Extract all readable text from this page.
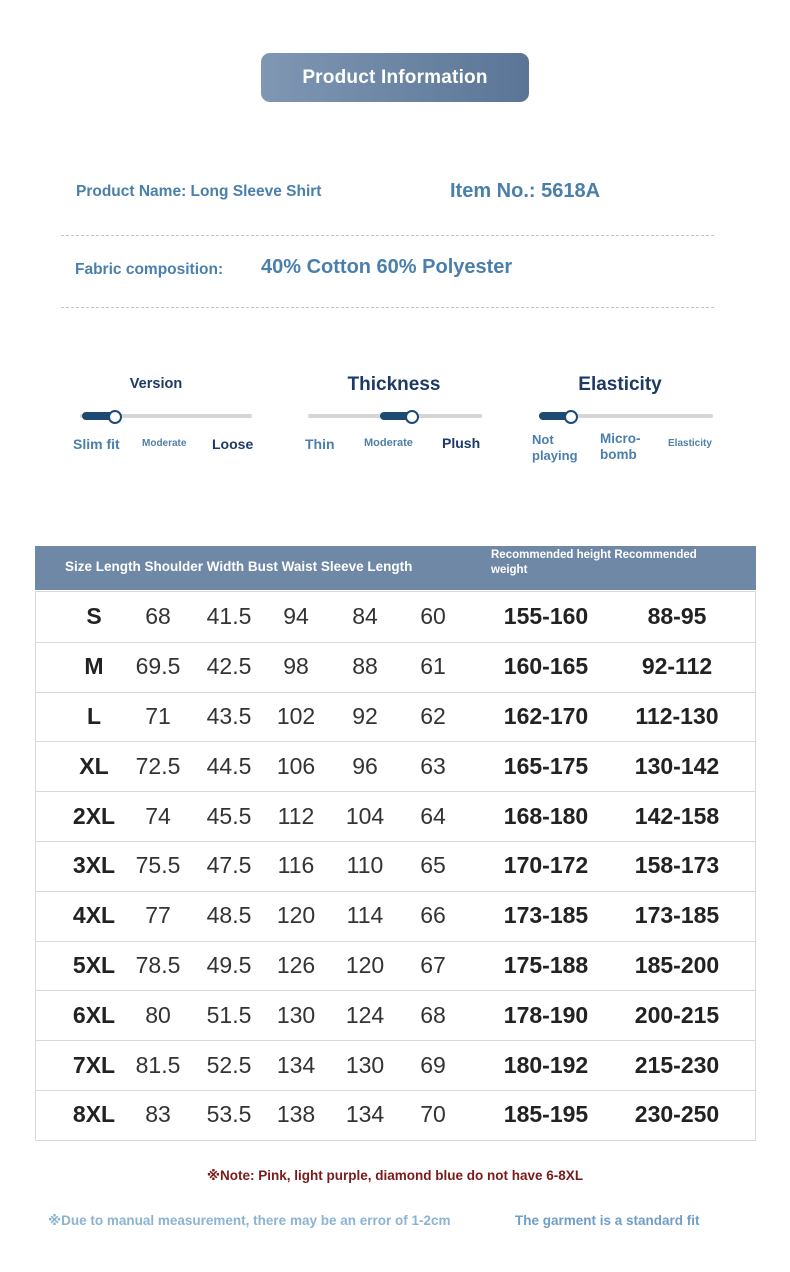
Product Information
Product Name: Long Sleeve Shirt	Item No.: 5618A
Fabric composition: 40% Cotton 60% Polyester
Version
Slim fit Moderate Loose
Thickness
Thin	Moderate Plush
Elasticity
Not playing
Micro-bomb
Elasticity
Size Length Shoulder Width Bust Waist Sleeve Length
Recommended height Recommended
weight
S	68	41.5	94	84	60	155-160	88-95
M	69.5	42.5	98	88	61	160-165	92-112
L	71	43.5	102	92	62	162-170	112-130
XL	72.5	44.5	106	96	63	165-175	130-142
2XL	74	45.5	112	104	64	168-180	142-158
3XL 75.5	47.5	116	110	65	170-172	158-173
4XL	77	48.5	120	114	66	173-185	173-185
5XL 78.5	49.5	126	120	67	175-188	185-200
6XL	80	51.5	130	124	68	178-190	200-215
7XL 81.5	52.5	134	130	69	180-192	215-230
8XL	83	53.5	138	134	70	185-195	230-250
※Note: Pink, light purple, diamond blue do not have 6-8XL
※Due to manual measurement, there may be an error of 1-2cm	The garment is a standard fit
